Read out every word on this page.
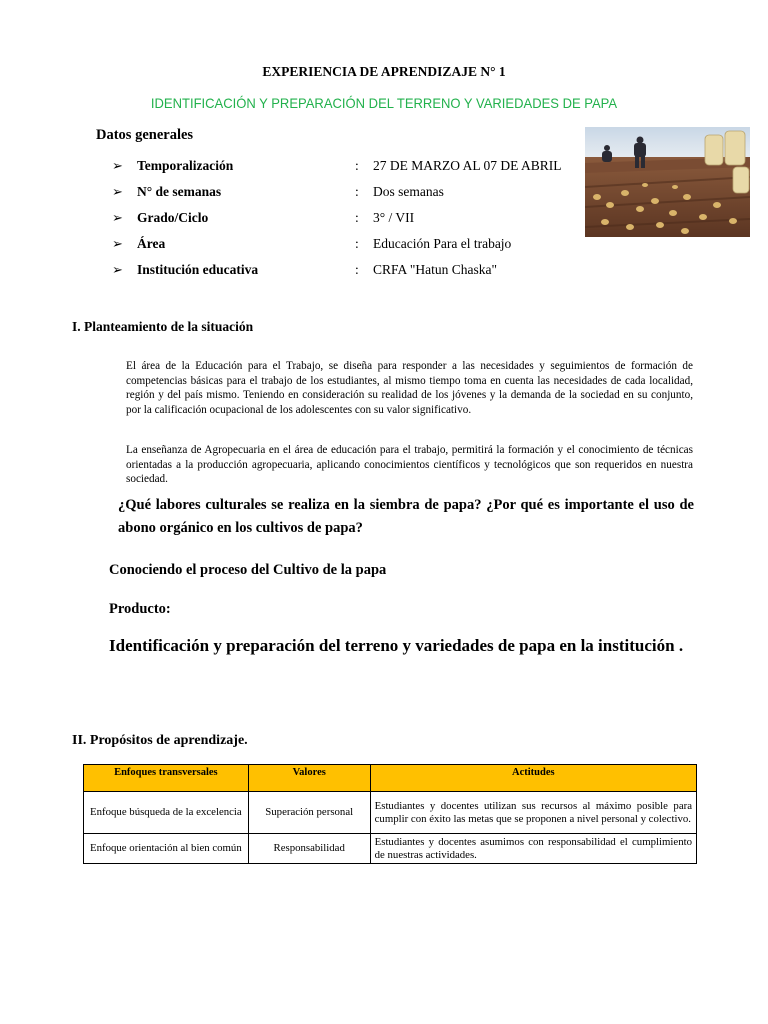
EXPERIENCIA DE APRENDIZAJE N° 1
IDENTIFICACIÓN Y PREPARACIÓN DEL TERRENO Y VARIEDADES DE PAPA
Datos generales
➢ Temporalización	: 27 DE MARZO AL 07 DE ABRIL
➢ N° de semanas	: Dos semanas
➢ Grado/Ciclo	: 3° / VII
➢ Área	: Educación Para el trabajo
➢ Institución educativa	: CRFA "Hatun Chaska"
I. Planteamiento de la situación
El área de la Educación para el Trabajo, se diseña para responder a las necesidades y seguimientos de formación de competencias básicas para el trabajo de los estudiantes, al mismo tiempo toma en cuenta las necesidades de cada localidad, región y del país mismo. Teniendo en consideración su realidad de los jóvenes y la demanda de la sociedad en su conjunto, por la calificación ocupacional de los adolescentes con su valor significativo.
La enseñanza de Agropecuaria en el área de educación para el trabajo, permitirá la formación y el conocimiento de técnicas orientadas a la producción agropecuaria, aplicando conocimientos científicos y tecnológicos que son requeridos en nuestra sociedad.
¿Qué labores culturales se realiza en la siembra de papa? ¿Por qué es importante el uso de abono orgánico en los cultivos de papa?
Conociendo el proceso del Cultivo de la papa
Producto:
Identificación y preparación del terreno y variedades de papa en la institución .
II. Propósitos de aprendizaje.
Enfoques transversales	Valores	Actitudes
Enfoque búsqueda de la excelencia	Superación personal	Estudiantes y docentes utilizan sus recursos al máximo posible para cumplir con éxito las metas que se proponen a nivel personal y colectivo.
Enfoque orientación al bien común	Responsabilidad	Estudiantes y docentes asumimos con responsabilidad el cumplimiento de nuestras actividades.
